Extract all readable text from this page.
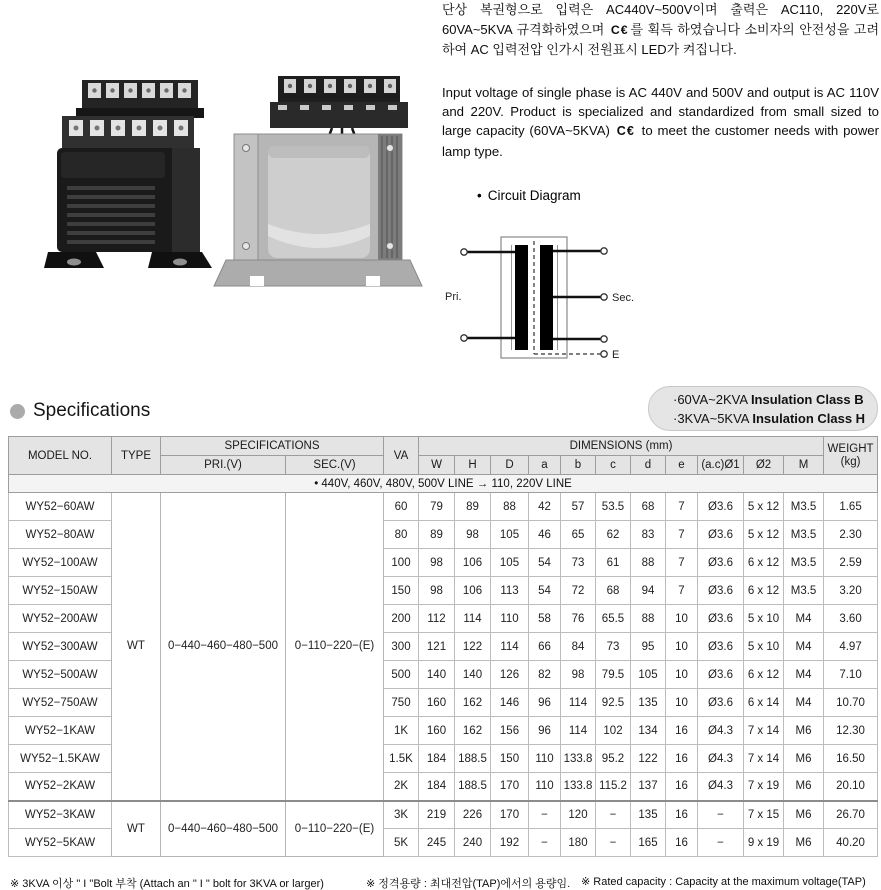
단상 복권형으로 입력은 AC440V~500V이며 출력은 AC110, 220V로 60VA~5KVA 규격화하였으며 C€ 를 획득 하였습니다 소비자의 안전성을 고려하여 AC 입력전압 인가시 전원표시 LED가 켜집니다.

Input voltage of single phase is AC 440V and 500V and output is AC 110V and 220V. Product is specialized and standardized from small sized to large capacity (60VA~5KVA) C€ to meet the customer needs with power lamp type.

• Circuit Diagram
Pri.	Sec.
E
·60VA~2KVA Insulation Class B
·3KVA~5KVA Insulation Class H
Specifications
MODEL NO.	TYPE	SPECIFICATIONS		VA	DIMENSIONS (mm)											WEIGHT
(kg)

		PRI.(V)	SEC.(V)		W	H	D	a	b	c	d	e	(a.c)Ø1	Ø2	M	
• 440V, 460V, 480V, 500V LINE → 110, 220V LINE																
WY52−60AW	WT	0−440−460−480−500	0−110−220−(E)	60	79	89	88	42	57	53.5	68	7	Ø3.6	5 x 12	M3.5	1.65
WY52−80AW				80	89	98	105	46	65	62	83	7	Ø3.6	5 x 12	M3.5	2.30
WY52−100AW				100	98	106	105	54	73	61	88	7	Ø3.6	6 x 12	M3.5	2.59
WY52−150AW				150	98	106	113	54	72	68	94	7	Ø3.6	6 x 12	M3.5	3.20
WY52−200AW				200	112	114	110	58	76	65.5	88	10	Ø3.6	5 x 10	M4	3.60
WY52−300AW				300	121	122	114	66	84	73	95	10	Ø3.6	5 x 10	M4	4.97
WY52−500AW				500	140	140	126	82	98	79.5	105	10	Ø3.6	6 x 12	M4	7.10
WY52−750AW				750	160	162	146	96	114	92.5	135	10	Ø3.6	6 x 14	M4	10.70
WY52−1KAW				1K	160	162	156	96	114	102	134	16	Ø4.3	7 x 14	M6	12.30
WY52−1.5KAW				1.5K	184	188.5	150	110	133.8	95.2	122	16	Ø4.3	7 x 14	M6	16.50
WY52−2KAW				2K	184	188.5	170	110	133.8	115.2	137	16	Ø4.3	7 x 19	M6	20.10
WY52−3KAW	WT	0−440−460−480−500	0−110−220−(E)	3K	219	226	170	−	120	−	135	16	−	7 x 15	M6	26.70
WY52−5KAW				5K	245	240	192	−	180	−	165	16	−	9 x 19	M6	40.20
※ 3KVA 이상 " I "Bolt 부착 (Attach an " I " bolt for 3KVA or larger)	※ 정격용량 : 최대전압(TAP)에서의 용량임. ※ Rated capacity : Capacity at the maximum voltage(TAP)
